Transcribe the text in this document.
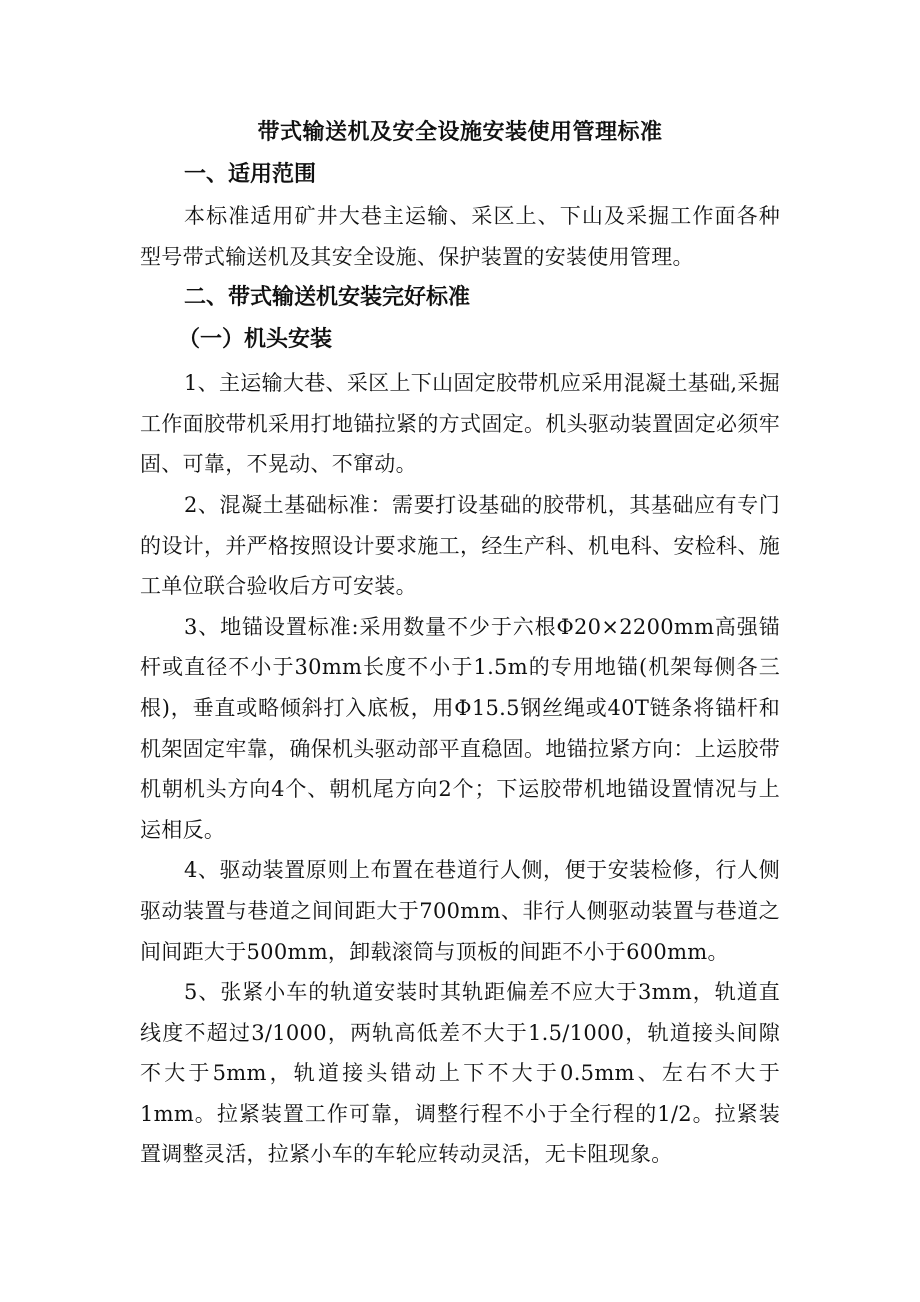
带式输送机及安全设施安装使用管理标准
一、适用范围

本标准适用矿井大巷主运输、采区上、下山及采掘工作面各种型号带式输送机及其安全设施、保护装置的安装使用管理。

二、带式输送机安装完好标准
（一）机头安装

1、主运输大巷、采区上下山固定胶带机应采用混凝土基础,采掘工作面胶带机采用打地锚拉紧的方式固定。机头驱动装置固定必须牢固、可靠，不晃动、不窜动。

2、混凝土基础标准：需要打设基础的胶带机，其基础应有专门的设计，并严格按照设计要求施工，经生产科、机电科、安检科、施工单位联合验收后方可安装。

3、地锚设置标准:采用数量不少于六根Φ20×2200mm高强锚杆或直径不小于30mm长度不小于1.5m的专用地锚(机架每侧各三根)，垂直或略倾斜打入底板，用Φ15.5钢丝绳或40T链条将锚杆和机架固定牢靠，确保机头驱动部平直稳固。地锚拉紧方向：上运胶带机朝机头方向4个、朝机尾方向2个；下运胶带机地锚设置情况与上运相反。

4、驱动装置原则上布置在巷道行人侧，便于安装检修，行人侧驱动装置与巷道之间间距大于700mm、非行人侧驱动装置与巷道之间间距大于500mm，卸载滚筒与顶板的间距不小于600mm。

5、张紧小车的轨道安装时其轨距偏差不应大于3mm，轨道直线度不超过3/1000，两轨高低差不大于1.5/1000，轨道接头间隙不大于5mm，轨道接头错动上下不大于0.5mm、左右不大于1mm。拉紧装置工作可靠，调整行程不小于全行程的1/2。拉紧装置调整灵活，拉紧小车的车轮应转动灵活，无卡阻现象。
